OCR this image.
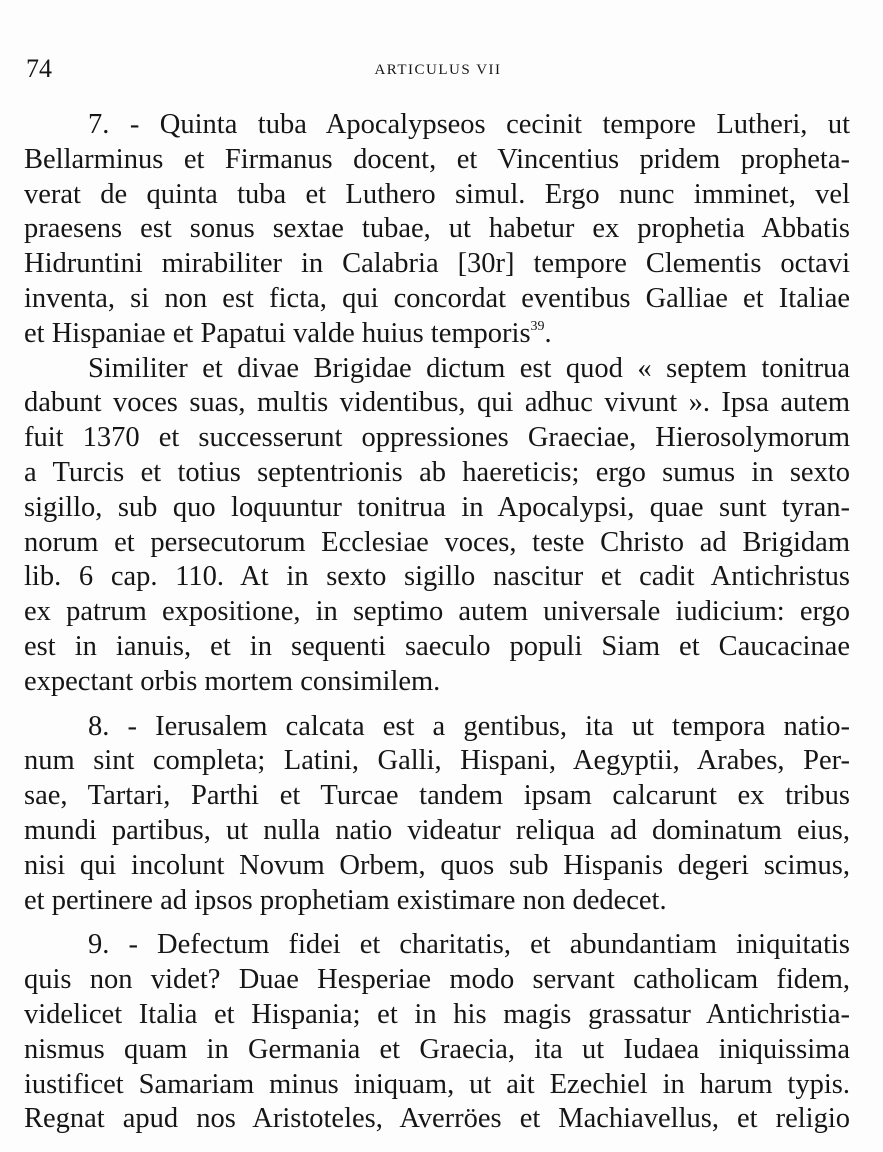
74	ARTICULUS VII
7. - Quinta tuba Apocalypseos cecinit tempore Lutheri, ut
Bellarminus et Firmanus docent, et Vincentius pridem propheta-
verat de quinta tuba et Luthero simul. Ergo nunc imminet, vel
praesens est sonus sextae tubae, ut habetur ex prophetia Abbatis
Hidruntini mirabiliter in Calabria [30r] tempore Clementis octavi
inventa, si non est ficta, qui concordat eventibus Galliae et Italiae
et Hispaniae et Papatui valde huius temporis$^{39}$.
Similiter et divae Brigidae dictum est quod « septem tonitrua
dabunt voces suas, multis videntibus, qui adhuc vivunt ». Ipsa autem
fuit 1370 et successerunt oppressiones Graeciae, Hierosolymorum
a Turcis et totius septentrionis ab haereticis; ergo sumus in sexto
sigillo, sub quo loquuntur tonitrua in Apocalypsi, quae sunt tyran-
norum et persecutorum Ecclesiae voces, teste Christo ad Brigidam
lib. 6 cap. 110. At in sexto sigillo nascitur et cadit Antichristus
ex patrum expositione, in septimo autem universale iudicium: ergo
est in ianuis, et in sequenti saeculo populi Siam et Caucacinae
expectant orbis mortem consimilem.
8. - Ierusalem calcata est a gentibus, ita ut tempora natio-
num sint completa; Latini, Galli, Hispani, Aegyptii, Arabes, Per-
sae, Tartari, Parthi et Turcae tandem ipsam calcarunt ex tribus
mundi partibus, ut nulla natio videatur reliqua ad dominatum eius,
nisi qui incolunt Novum Orbem, quos sub Hispanis degeri scimus,
et pertinere ad ipsos prophetiam existimare non dedecet.
9. - Defectum fidei et charitatis, et abundantiam iniquitatis
quis non videt? Duae Hesperiae modo servant catholicam fidem,
videlicet Italia et Hispania; et in his magis grassatur Antichristia-
nismus quam in Germania et Graecia, ita ut Iudaea iniquissima
iustificet Samariam minus iniquam, ut ait Ezechiel in harum typis.
Regnat apud nos Aristoteles, Averröes et Machiavellus, et religio
